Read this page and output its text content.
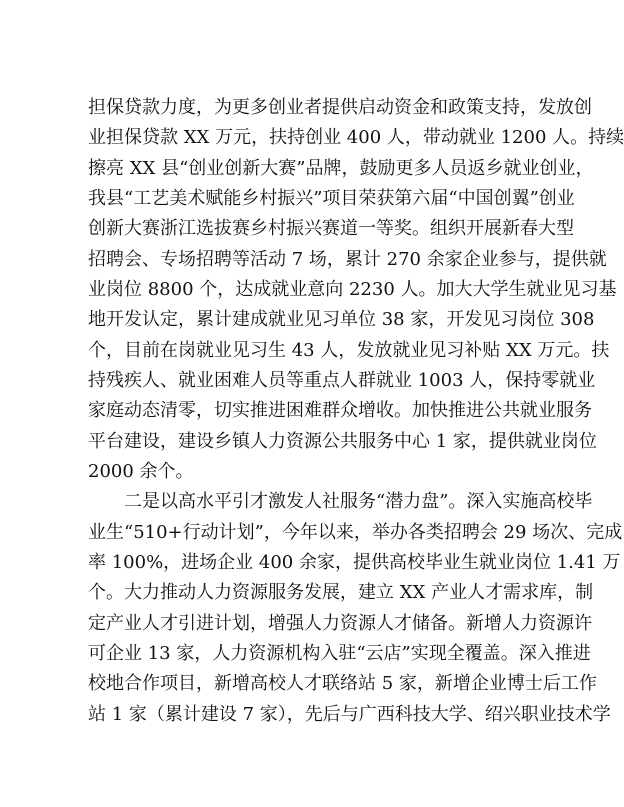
担保贷款力度，为更多创业者提供启动资金和政策支持，发放创
业担保贷款 XX 万元，扶持创业 400 人，带动就业 1200 人。持续
擦亮 XX 县“创业创新大赛”品牌，鼓励更多人员返乡就业创业，
我县“工艺美术赋能乡村振兴”项目荣获第六届“中国创翼”创业
创新大赛浙江选拔赛乡村振兴赛道一等奖。组织开展新春大型
招聘会、专场招聘等活动 7 场，累计 270 余家企业参与，提供就
业岗位 8800 个，达成就业意向 2230 人。加大大学生就业见习基
地开发认定，累计建成就业见习单位 38 家，开发见习岗位 308
个，目前在岗就业见习生 43 人，发放就业见习补贴 XX 万元。扶
持残疾人、就业困难人员等重点人群就业 1003 人，保持零就业
家庭动态清零，切实推进困难群众增收。加快推进公共就业服务
平台建设，建设乡镇人力资源公共服务中心 1 家，提供就业岗位
2000 余个。
二是以高水平引才激发人社服务“潜力盘”。深入实施高校毕
业生“510+行动计划”，今年以来，举办各类招聘会 29 场次、完成
率 100%，进场企业 400 余家，提供高校毕业生就业岗位 1.41 万
个。大力推动人力资源服务发展，建立 XX 产业人才需求库，制
定产业人才引进计划，增强人力资源人才储备。新增人力资源许
可企业 13 家，人力资源机构入驻“云店”实现全覆盖。深入推进
校地合作项目，新增高校人才联络站 5 家，新增企业博士后工作
站 1 家（累计建设 7 家），先后与广西科技大学、绍兴职业技术学
